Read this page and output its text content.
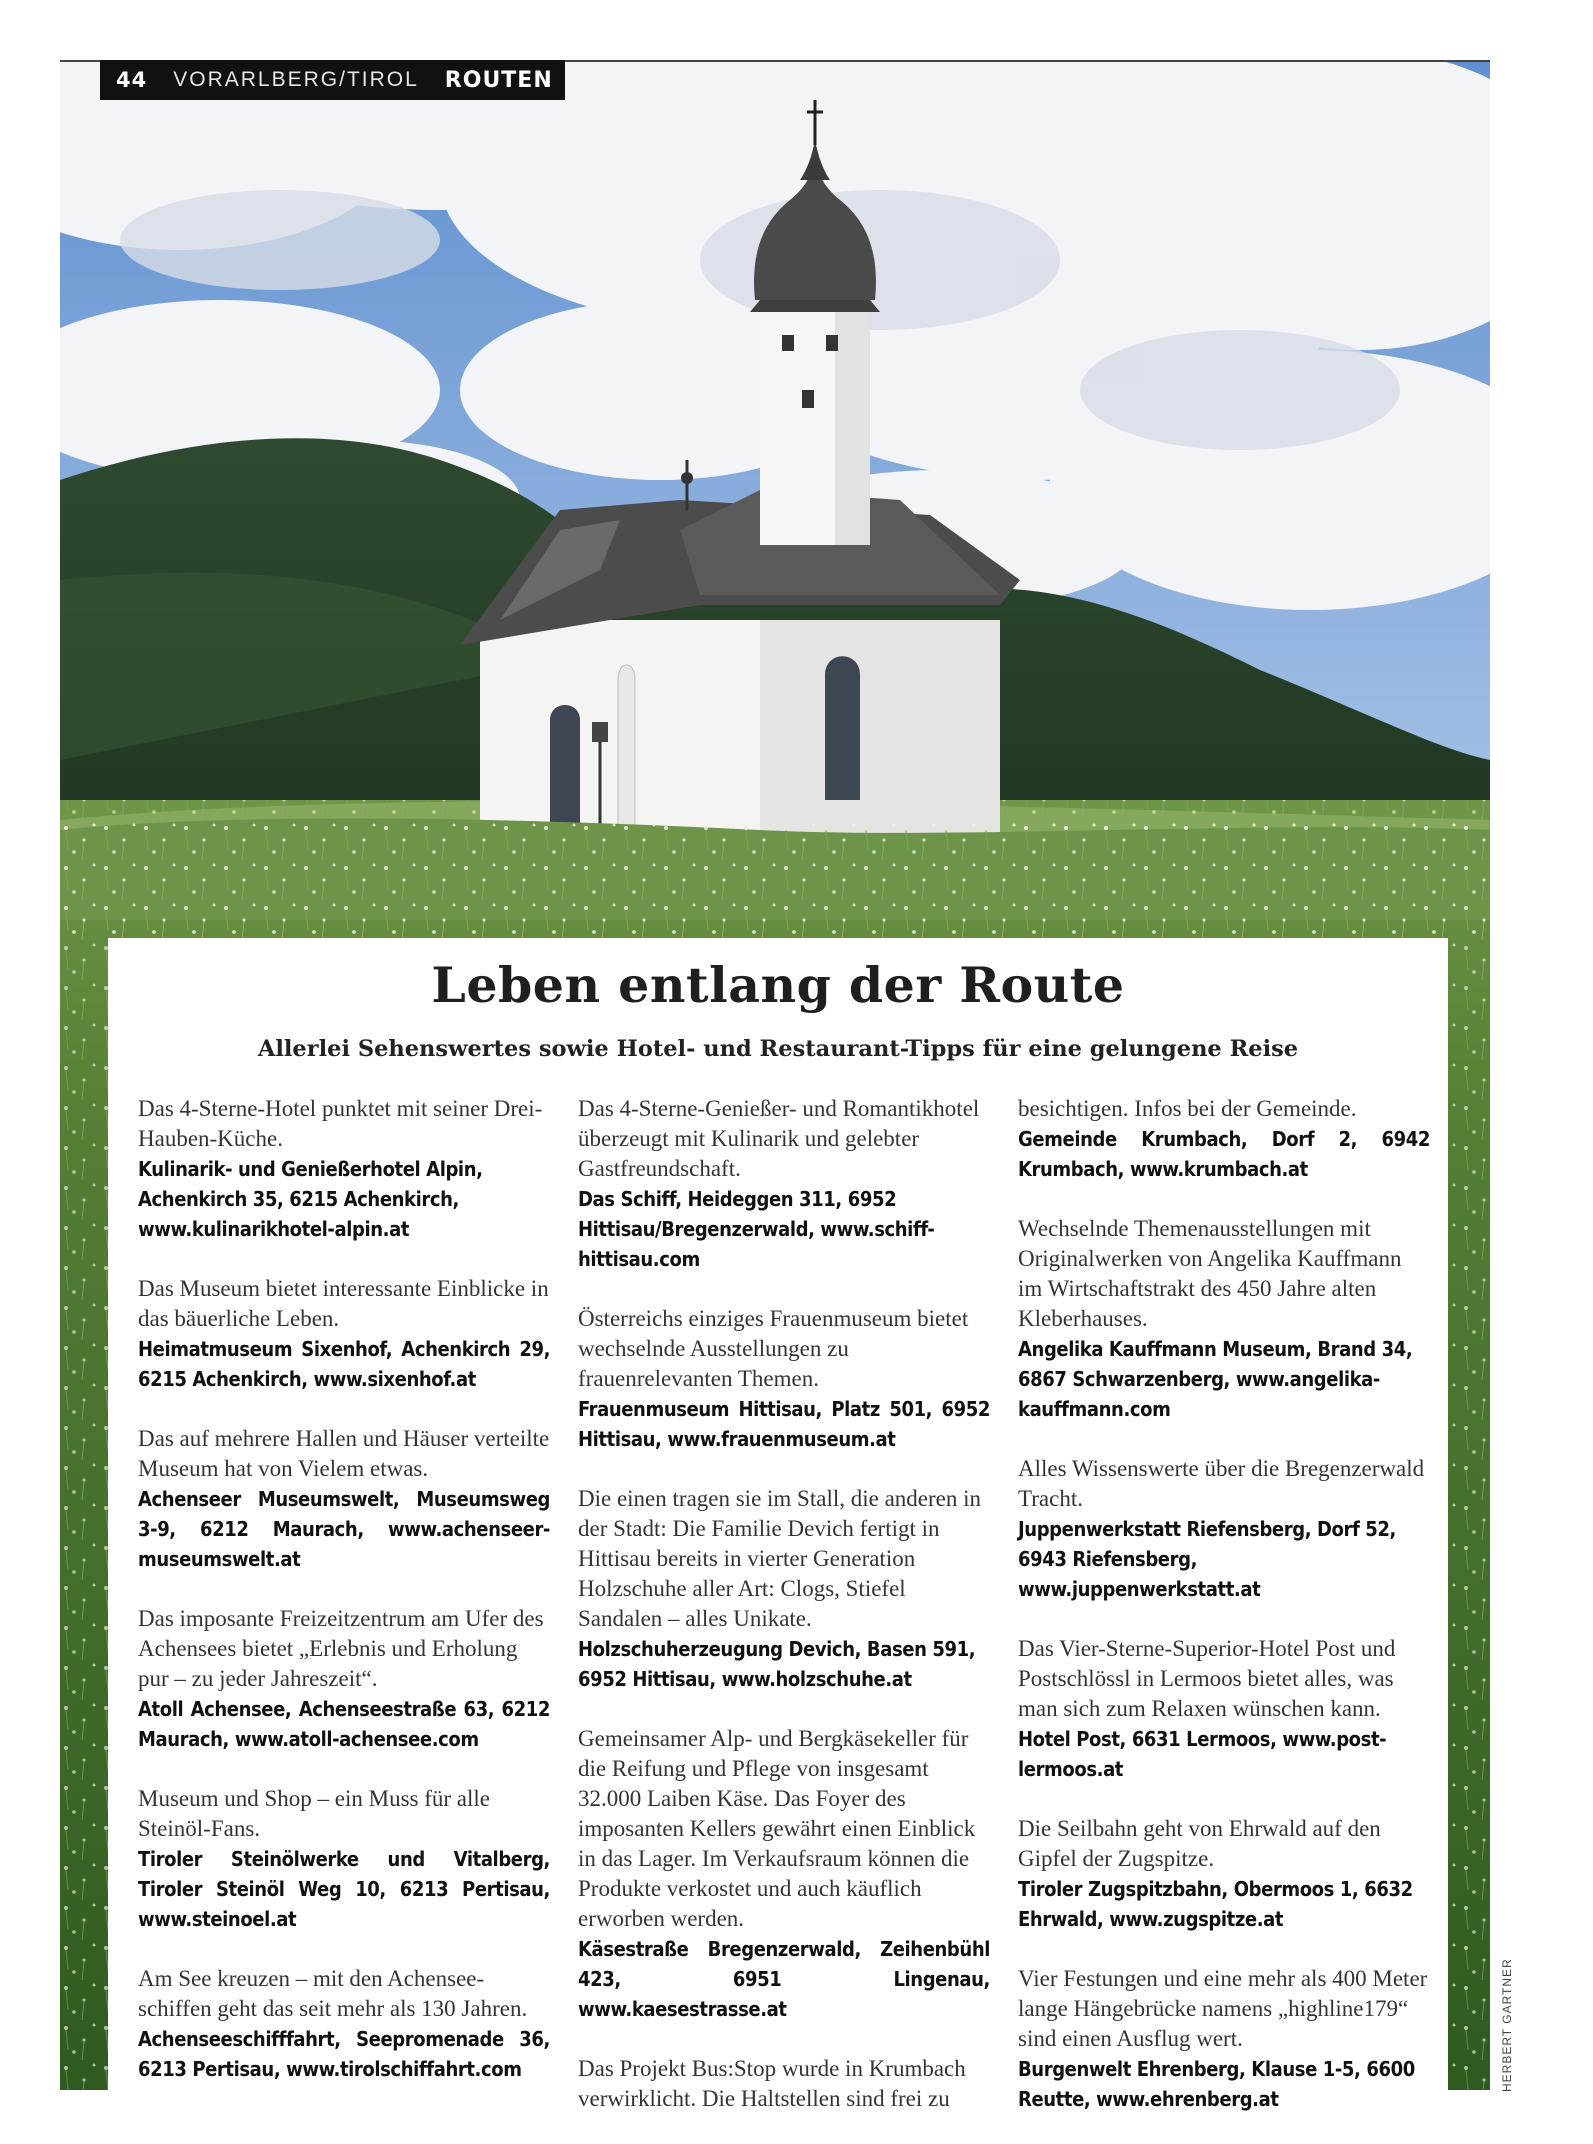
44 VORARLBERG/TIROL ROUTEN
Leben entlang der Route
Allerlei Sehenswertes sowie Hotel- und Restaurant-Tipps für eine gelungene Reise
Das 4-Sterne-Hotel punktet mit seiner Drei-Hauben-Küche.
Kulinarik- und Genießerhotel Alpin, Achenkirch 35, 6215 Achenkirch, www.kulinarikhotel-alpin.at
Das Museum bietet interessante Einblicke in das bäuerliche Leben.
Heimatmuseum Sixenhof, Achenkirch 29, 6215 Achenkirch, www.sixenhof.at
Das auf mehrere Hallen und Häuser verteilte Museum hat von Vielem etwas.
Achenseer Museumswelt, Museumsweg 3-9, 6212 Maurach, www.achenseer-museumswelt.at
Das imposante Freizeitzentrum am Ufer des Achensees bietet „Erlebnis und Erholung pur – zu jeder Jahreszeit“.
Atoll Achensee, Achenseestraße 63, 6212 Maurach, www.atoll-achensee.com
Museum und Shop – ein Muss für alle Steinöl-Fans.
Tiroler Steinölwerke und Vitalberg, Tiroler Steinöl Weg 10, 6213 Pertisau, www.steinoel.at
Am See kreuzen – mit den Achensee-schiffen geht das seit mehr als 130 Jahren.
Achenseeschifffahrt, Seepromenade 36, 6213 Pertisau, www.tirolschiffahrt.com
Das 4-Sterne-Genießer- und Romantikhotel überzeugt mit Kulinarik und gelebter Gastfreundschaft.
Das Schiff, Heideggen 311, 6952 Hittisau/Bregenzerwald, www.schiff-hittisau.com
Österreichs einziges Frauenmuseum bietet wechselnde Ausstellungen zu frauenrelevanten Themen.
Frauenmuseum Hittisau, Platz 501, 6952 Hittisau, www.frauenmuseum.at
Die einen tragen sie im Stall, die anderen in der Stadt: Die Familie Devich fertigt in Hittisau bereits in vierter Generation Holzschuhe aller Art: Clogs, Stiefel Sandalen – alles Unikate.
Holzschuherzeugung Devich, Basen 591, 6952 Hittisau, www.holzschuhe.at
Gemeinsamer Alp- und Bergkäsekeller für die Reifung und Pflege von insgesamt 32.000 Laiben Käse. Das Foyer des imposanten Kellers gewährt einen Einblick in das Lager. Im Verkaufsraum können die Produkte verkostet und auch käuflich erworben werden.
Käsestraße Bregenzerwald, Zeihenbühl 423, 6951 Lingenau, www.kaesestrasse.at
Das Projekt Bus:Stop wurde in Krumbach verwirklicht. Die Haltstellen sind frei zu
besichtigen. Infos bei der Gemeinde.
Gemeinde Krumbach, Dorf 2, 6942 Krumbach, www.krumbach.at
Wechselnde Themenausstellungen mit Originalwerken von Angelika Kauffmann im Wirtschaftstrakt des 450 Jahre alten Kleberhauses.
Angelika Kauffmann Museum, Brand 34, 6867 Schwarzenberg, www.angelika-kauffmann.com
Alles Wissenswerte über die Bregenzerwald Tracht.
Juppenwerkstatt Riefensberg, Dorf 52, 6943 Riefensberg, www.juppenwerkstatt.at
Das Vier-Sterne-Superior-Hotel Post und Postschlössl in Lermoos bietet alles, was man sich zum Relaxen wünschen kann.
Hotel Post, 6631 Lermoos, www.post-lermoos.at
Die Seilbahn geht von Ehrwald auf den Gipfel der Zugspitze.
Tiroler Zugspitzbahn, Obermoos 1, 6632 Ehrwald, www.zugspitze.at
Vier Festungen und eine mehr als 400 Meter lange Hängebrücke namens „highline179“ sind einen Ausflug wert.
Burgenwelt Ehrenberg, Klause 1-5, 6600 Reutte, www.ehrenberg.at
HERBERT GARTNER
